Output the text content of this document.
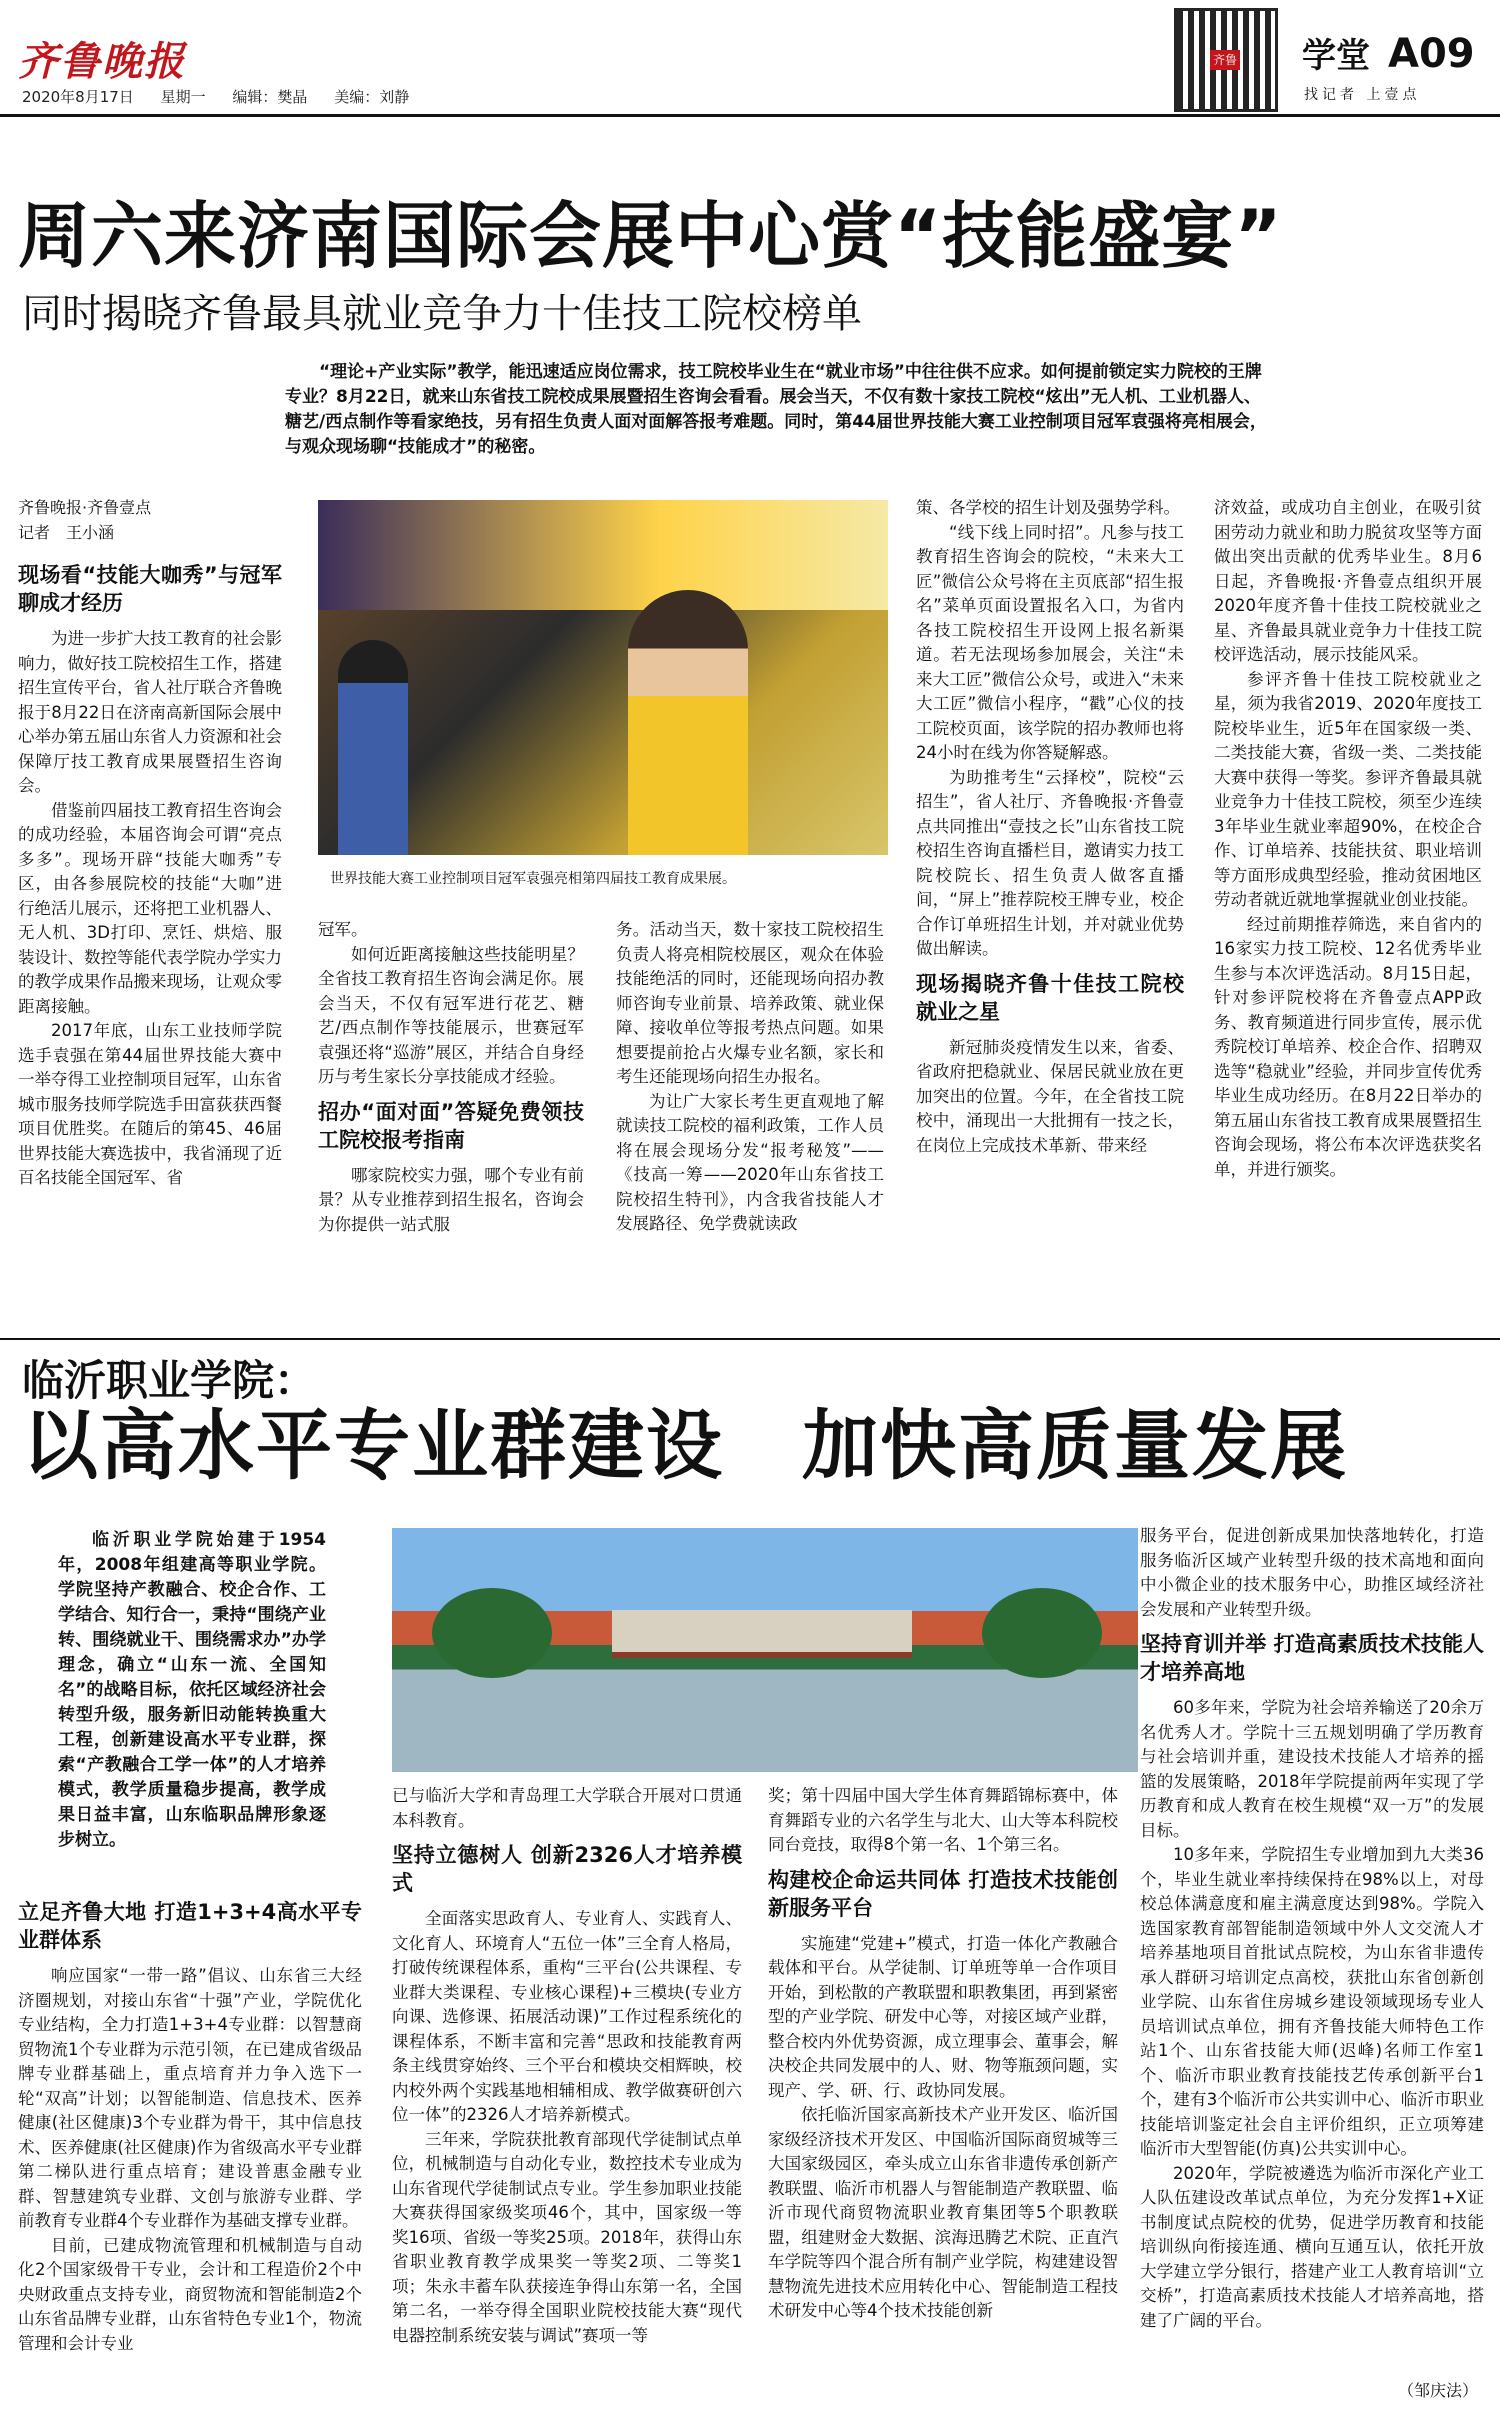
齐鲁晚报
2020年8月17日 星期一 编辑：樊晶 美编：刘静
齐鲁 学堂 A09
找记者 上壹点
周六来济南国际会展中心赏“技能盛宴”
同时揭晓齐鲁最具就业竞争力十佳技工院校榜单
“理论+产业实际”教学，能迅速适应岗位需求，技工院校毕业生在“就业市场”中往往供不应求。如何提前锁定实力院校的王牌专业？8月22日，就来山东省技工院校成果展暨招生咨询会看看。展会当天，不仅有数十家技工院校“炫出”无人机、工业机器人、糖艺/西点制作等看家绝技，另有招生负责人面对面解答报考难题。同时，第44届世界技能大赛工业控制项目冠军袁强将亮相展会，与观众现场聊“技能成才”的秘密。
齐鲁晚报·齐鲁壹点
记者　王小涵
现场看“技能大咖秀”与冠军聊成才经历

为进一步扩大技工教育的社会影响力，做好技工院校招生工作，搭建招生宣传平台，省人社厅联合齐鲁晚报于8月22日在济南高新国际会展中心举办第五届山东省人力资源和社会保障厅技工教育成果展暨招生咨询会。

借鉴前四届技工教育招生咨询会的成功经验，本届咨询会可谓“亮点多多”。现场开辟“技能大咖秀”专区，由各参展院校的技能“大咖”进行绝活儿展示，还将把工业机器人、无人机、3D打印、烹饪、烘焙、服装设计、数控等能代表学院办学实力的教学成果作品搬来现场，让观众零距离接触。

2017年底，山东工业技师学院选手袁强在第44届世界技能大赛中一举夺得工业控制项目冠军，山东省城市服务技师学院选手田富荻获西餐项目优胜奖。在随后的第45、46届世界技能大赛选拔中，我省涌现了近百名技能全国冠军、省

世界技能大赛工业控制项目冠军袁强亮相第四届技工教育成果展。

冠军。

如何近距离接触这些技能明星？全省技工教育招生咨询会满足你。展会当天，不仅有冠军进行花艺、糖艺/西点制作等技能展示，世赛冠军袁强还将“巡游”展区，并结合自身经历与考生家长分享技能成才经验。

招办“面对面”答疑免费领技工院校报考指南

哪家院校实力强，哪个专业有前景？从专业推荐到招生报名，咨询会为你提供一站式服

务。活动当天，数十家技工院校招生负责人将亮相院校展区，观众在体验技能绝活的同时，还能现场向招办教师咨询专业前景、培养政策、就业保障、接收单位等报考热点问题。如果想要提前抢占火爆专业名额，家长和考生还能现场向招生办报名。

为让广大家长考生更直观地了解就读技工院校的福利政策，工作人员将在展会现场分发“报考秘笈”——《技高一筹——2020年山东省技工院校招生特刊》，内含我省技能人才发展路径、免学费就读政

策、各学校的招生计划及强势学科。

“线下线上同时招”。凡参与技工教育招生咨询会的院校，“未来大工匠”微信公众号将在主页底部“招生报名”菜单页面设置报名入口，为省内各技工院校招生开设网上报名新渠道。若无法现场参加展会，关注“未来大工匠”微信公众号，或进入“未来大工匠”微信小程序，“戳”心仪的技工院校页面，该学院的招办教师也将24小时在线为你答疑解惑。

为助推考生“云择校”，院校“云招生”，省人社厅、齐鲁晚报·齐鲁壹点共同推出“壹技之长”山东省技工院校招生咨询直播栏目，邀请实力技工院校院长、招生负责人做客直播间，“屏上”推荐院校王牌专业，校企合作订单班招生计划，并对就业优势做出解读。

现场揭晓齐鲁十佳技工院校就业之星

新冠肺炎疫情发生以来，省委、省政府把稳就业、保居民就业放在更加突出的位置。今年，在全省技工院校中，涌现出一大批拥有一技之长，在岗位上完成技术革新、带来经

济效益，或成功自主创业，在吸引贫困劳动力就业和助力脱贫攻坚等方面做出突出贡献的优秀毕业生。8月6日起，齐鲁晚报·齐鲁壹点组织开展2020年度齐鲁十佳技工院校就业之星、齐鲁最具就业竞争力十佳技工院校评选活动，展示技能风采。

参评齐鲁十佳技工院校就业之星，须为我省2019、2020年度技工院校毕业生，近5年在国家级一类、二类技能大赛，省级一类、二类技能大赛中获得一等奖。参评齐鲁最具就业竞争力十佳技工院校，须至少连续3年毕业生就业率超90%，在校企合作、订单培养、技能扶贫、职业培训等方面形成典型经验，推动贫困地区劳动者就近就地掌握就业创业技能。

经过前期推荐筛选，来自省内的16家实力技工院校、12名优秀毕业生参与本次评选活动。8月15日起，针对参评院校将在齐鲁壹点APP政务、教育频道进行同步宣传，展示优秀院校订单培养、校企合作、招聘双选等“稳就业”经验，并同步宣传优秀毕业生成功经历。在8月22日举办的第五届山东省技工教育成果展暨招生咨询会现场，将公布本次评选获奖名单，并进行颁奖。

临沂职业学院：
以高水平专业群建设　加快高质量发展
临沂职业学院始建于1954年，2008年组建高等职业学院。学院坚持产教融合、校企合作、工学结合、知行合一，秉持“围绕产业转、围绕就业干、围绕需求办”办学理念，确立“山东一流、全国知名”的战略目标，依托区域经济社会转型升级，服务新旧动能转换重大工程，创新建设高水平专业群，探索“产教融合工学一体”的人才培养模式，教学质量稳步提高，教学成果日益丰富，山东临职品牌形象逐步树立。
立足齐鲁大地 打造1+3+4高水平专业群体系

响应国家“一带一路”倡议、山东省三大经济圈规划，对接山东省“十强”产业，学院优化专业结构，全力打造1+3+4专业群：以智慧商贸物流1个专业群为示范引领，在已建成省级品牌专业群基础上，重点培育并力争入选下一轮“双高”计划；以智能制造、信息技术、医养健康(社区健康)3个专业群为骨干，其中信息技术、医养健康(社区健康)作为省级高水平专业群第二梯队进行重点培育；建设普惠金融专业群、智慧建筑专业群、文创与旅游专业群、学前教育专业群4个专业群作为基础支撑专业群。

目前，已建成物流管理和机械制造与自动化2个国家级骨干专业，会计和工程造价2个中央财政重点支持专业，商贸物流和智能制造2个山东省品牌专业群，山东省特色专业1个，物流管理和会计专业

已与临沂大学和青岛理工大学联合开展对口贯通本科教育。

坚持立德树人 创新2326人才培养模式

全面落实思政育人、专业育人、实践育人、文化育人、环境育人“五位一体”三全育人格局，打破传统课程体系，重构“三平台(公共课程、专业群大类课程、专业核心课程)+三模块(专业方向课、选修课、拓展活动课)”工作过程系统化的课程体系，不断丰富和完善“思政和技能教育两条主线贯穿始终、三个平台和模块交相辉映，校内校外两个实践基地相辅相成、教学做赛研创六位一体”的2326人才培养新模式。

三年来，学院获批教育部现代学徒制试点单位，机械制造与自动化专业，数控技术专业成为山东省现代学徒制试点专业。学生参加职业技能大赛获得国家级奖项46个，其中，国家级一等奖16项、省级一等奖25项。2018年，获得山东省职业教育教学成果奖一等奖2项、二等奖1项；朱永丰蓄车队获接连争得山东第一名，全国第二名，一举夺得全国职业院校技能大赛“现代电器控制系统安装与调试”赛项一等

奖；第十四届中国大学生体育舞蹈锦标赛中，体育舞蹈专业的六名学生与北大、山大等本科院校同台竞技，取得8个第一名、1个第三名。

构建校企命运共同体 打造技术技能创新服务平台

实施建“党建+”模式，打造一体化产教融合载体和平台。从学徒制、订单班等单一合作项目开始，到松散的产教联盟和职教集团，再到紧密型的产业学院、研发中心等，对接区域产业群，整合校内外优势资源，成立理事会、董事会，解决校企共同发展中的人、财、物等瓶颈问题，实现产、学、研、行、政协同发展。

依托临沂国家高新技术产业开发区、临沂国家级经济技术开发区、中国临沂国际商贸城等三大国家级园区，牵头成立山东省非遗传承创新产教联盟、临沂市机器人与智能制造产教联盟、临沂市现代商贸物流职业教育集团等5个职教联盟，组建财金大数据、滨海迅腾艺术院、正直汽车学院等四个混合所有制产业学院，构建建设智慧物流先进技术应用转化中心、智能制造工程技术研发中心等4个技术技能创新

服务平台，促进创新成果加快落地转化，打造服务临沂区域产业转型升级的技术高地和面向中小微企业的技术服务中心，助推区域经济社会发展和产业转型升级。

坚持育训并举 打造高素质技术技能人才培养高地

60多年来，学院为社会培养输送了20余万名优秀人才。学院十三五规划明确了学历教育与社会培训并重，建设技术技能人才培养的摇篮的发展策略，2018年学院提前两年实现了学历教育和成人教育在校生规模“双一万”的发展目标。

10多年来，学院招生专业增加到九大类36个，毕业生就业率持续保持在98%以上，对母校总体满意度和雇主满意度达到98%。学院入选国家教育部智能制造领域中外人文交流人才培养基地项目首批试点院校，为山东省非遗传承人群研习培训定点高校，获批山东省创新创业学院、山东省住房城乡建设领域现场专业人员培训试点单位，拥有齐鲁技能大师特色工作站1个、山东省技能大师(迟峰)名师工作室1个、临沂市职业教育技能技艺传承创新平台1个，建有3个临沂市公共实训中心、临沂市职业技能培训鉴定社会自主评价组织，正立项筹建临沂市大型智能(仿真)公共实训中心。

2020年，学院被遴选为临沂市深化产业工人队伍建设改革试点单位，为充分发挥1+X证书制度试点院校的优势，促进学历教育和技能培训纵向衔接连通、横向互通互认，依托开放大学建立学分银行，搭建产业工人教育培训“立交桥”，打造高素质技术技能人才培养高地，搭建了广阔的平台。

（邹庆法）
